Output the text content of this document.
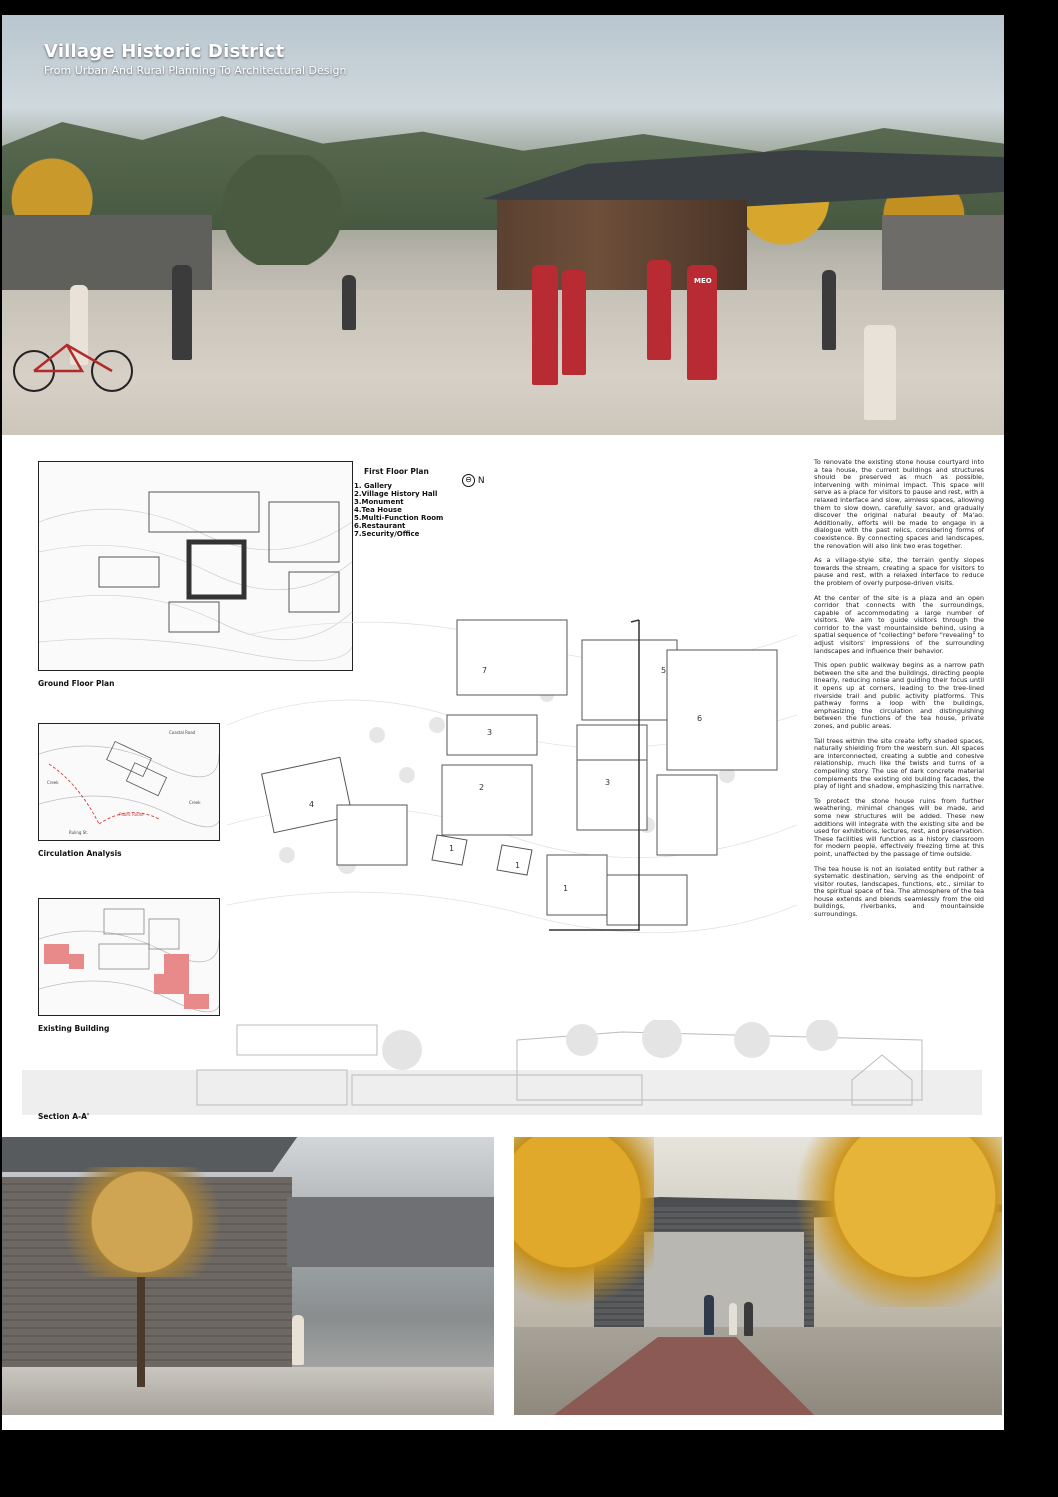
MEO
Village Historic District

From Urban And Rural Planning To Architectural Design

Ground Floor Plan
First Floor Plan
1. Gallery
2.Village History Hall
3.Monument
4.Tea House
5.Multi-Function Room
6.Restaurant
7.Security/Office
⊖ N
7	5
6
3
2
3
4
1
1
1
Coastal Road
Creek
Creek
Public Route
Ruling St.
Circulation Analysis
Existing Building

To renovate the existing stone house courtyard into a tea house, the current buildings and structures should be preserved as much as possible, intervening with minimal impact. This space will serve as a place for visitors to pause and rest, with a relaxed interface and slow, aimless spaces, allowing them to slow down, carefully savor, and gradually discover the original natural beauty of Ma'ao. Additionally, efforts will be made to engage in a dialogue with the past relics, considering forms of coexistence. By connecting spaces and landscapes, the renovation will also link two eras together.

As a village-style site, the terrain gently slopes towards the stream, creating a space for visitors to pause and rest, with a relaxed interface to reduce the problem of overly purpose-driven visits.

At the center of the site is a plaza and an open corridor that connects with the surroundings, capable of accommodating a large number of visitors. We aim to guide visitors through the corridor to the vast mountainside behind, using a spatial sequence of "collecting" before "revealing" to adjust visitors' impressions of the surrounding landscapes and influence their behavior.

This open public walkway begins as a narrow path between the site and the buildings, directing people linearly, reducing noise and guiding their focus until it opens up at corners, leading to the tree-lined riverside trail and public activity platforms. This pathway forms a loop with the buildings, emphasizing the circulation and distinguishing between the functions of the tea house, private zones, and public areas.

Tall trees within the site create lofty shaded spaces, naturally shielding from the western sun. All spaces are interconnected, creating a subtle and cohesive relationship, much like the twists and turns of a compelling story. The use of dark concrete material complements the existing old building facades, the play of light and shadow, emphasizing this narrative.

To protect the stone house ruins from further weathering, minimal changes will be made, and some new structures will be added. These new additions will integrate with the existing site and be used for exhibitions, lectures, rest, and preservation. These facilities will function as a history classroom for modern people, effectively freezing time at this point, unaffected by the passage of time outside.

The tea house is not an isolated entity but rather a systematic destination, serving as the endpoint of visitor routes, landscapes, functions, etc., similar to the spiritual space of tea. The atmosphere of the tea house extends and blends seamlessly from the old buildings, riverbanks, and mountainside surroundings.

Section A-A'
